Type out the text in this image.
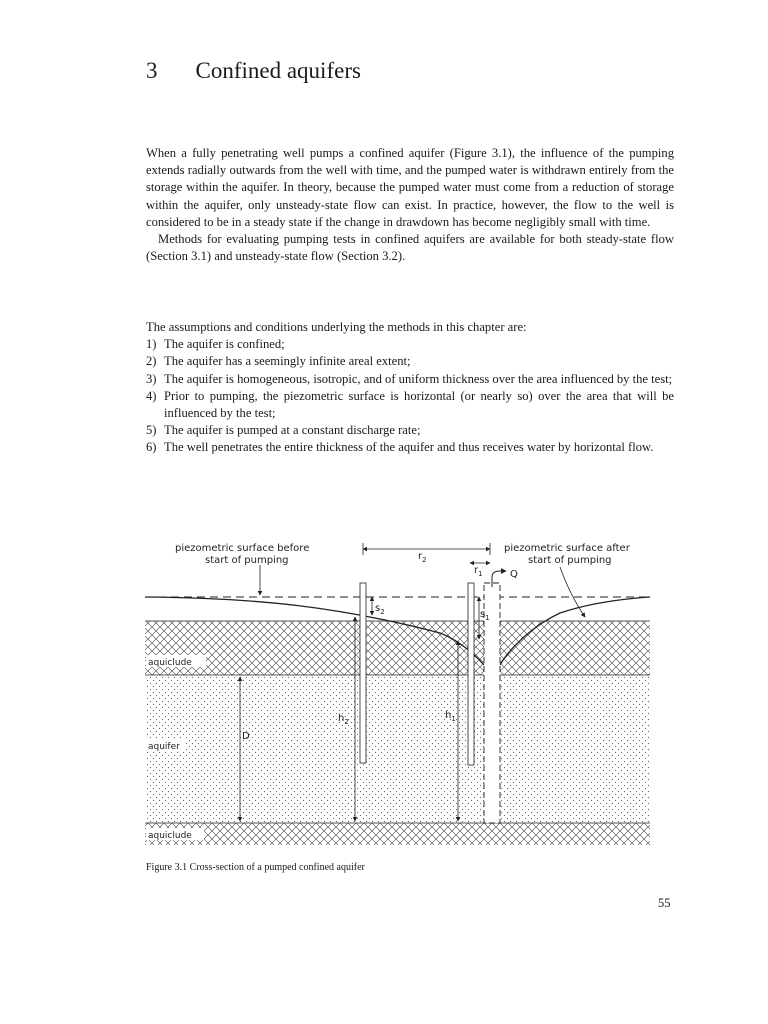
3 Confined aquifers

When a fully penetrating well pumps a confined aquifer (Figure 3.1), the influence of the pumping extends radially outwards from the well with time, and the pumped water is withdrawn entirely from the storage within the aquifer. In theory, because the pumped water must come from a reduction of storage within the aquifer, only unsteady-state flow can exist. In practice, however, the flow to the well is considered to be in a steady state if the change in drawdown has become negligibly small with time.

Methods for evaluating pumping tests in confined aquifers are available for both steady-state flow (Section 3.1) and unsteady-state flow (Section 3.2).

The assumptions and conditions underlying the methods in this chapter are:

1) The aquifer is confined;
2) The aquifer has a seemingly infinite areal extent;
3) The aquifer is homogeneous, isotropic, and of uniform thickness over the area influenced by the test;
4) Prior to pumping, the piezometric surface is horizontal (or nearly so) over the area that will be influenced by the test;
5) The aquifer is pumped at a constant discharge rate;
6) The well penetrates the entire thickness of the aquifer and thus receives water by horizontal flow.
piezometric surface before
start of pumping
piezometric surface after
start of pumping
$r_2$
$r_1$	Q
$s_2$	$s_1$
$h_2$
$h_1$
D
aquiclude
aquifer
aquiclude
Figure 3.1 Cross-section of a pumped confined aquifer
55
